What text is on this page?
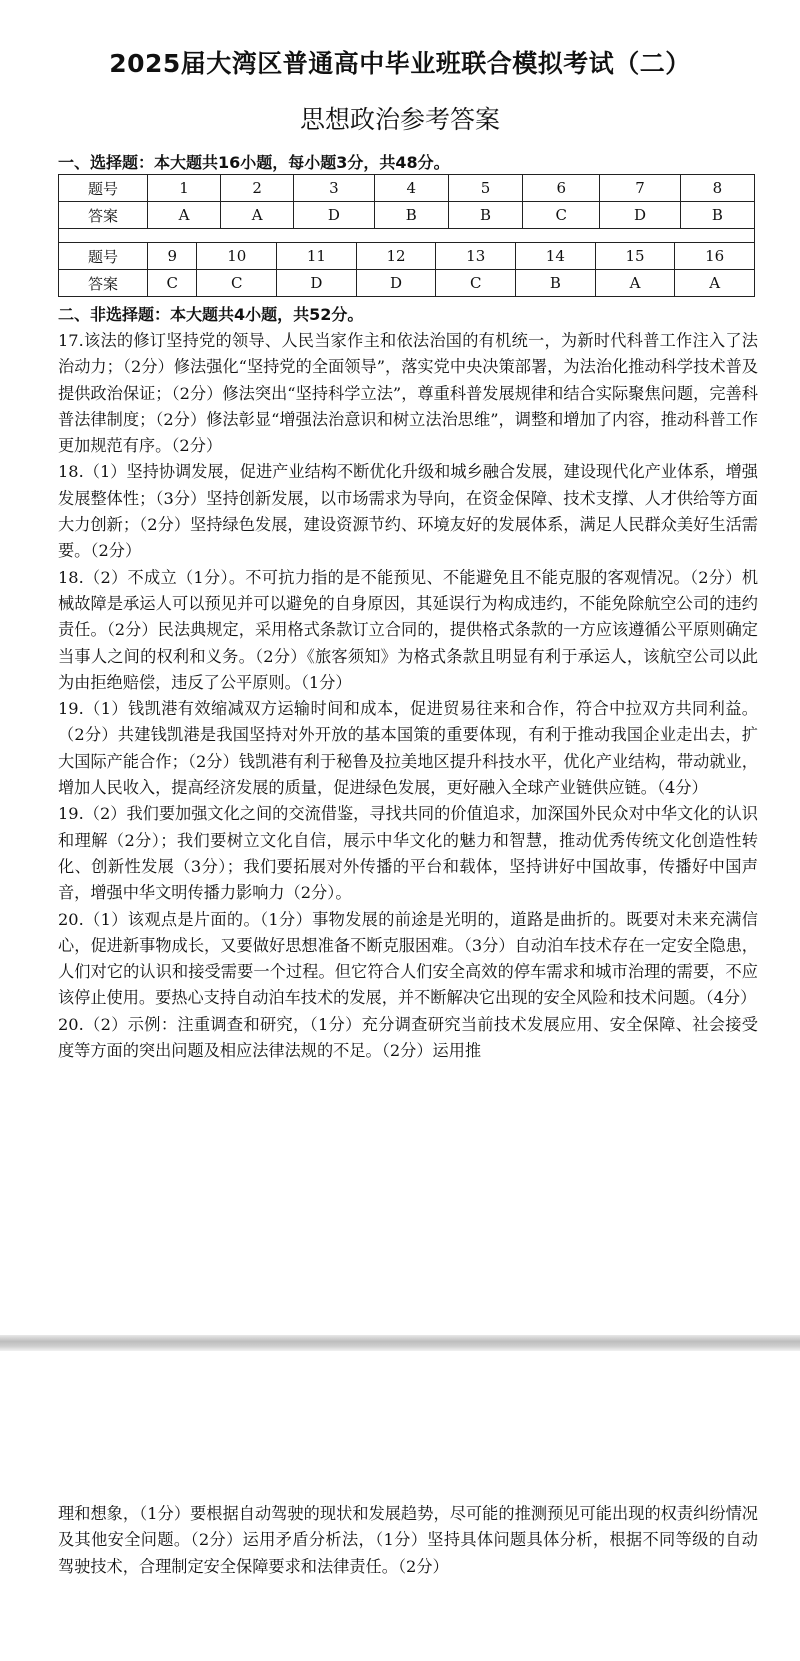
2025届大湾区普通高中毕业班联合模拟考试（二）
思想政治参考答案
一、选择题：本大题共16小题，每小题3分，共48分。
题号	1	2	3	4	5	6	7	8
答案	A	A	D	B	B	C	D	B
题号	9	10	11	12	13	14	15	16
答案	C	C	D	D	C	B	A	A
二、非选择题：本大题共4小题，共52分。

17.该法的修订坚持党的领导、人民当家作主和依法治国的有机统一，为新时代科普工作注入了法治动力；（2分）修法强化“坚持党的全面领导”，落实党中央决策部署，为法治化推动科学技术普及提供政治保证；（2分）修法突出“坚持科学立法”，尊重科普发展规律和结合实际聚焦问题，完善科普法律制度；（2分）修法彰显“增强法治意识和树立法治思维”，调整和增加了内容，推动科普工作更加规范有序。（2分）

18.（1）坚持协调发展，促进产业结构不断优化升级和城乡融合发展，建设现代化产业体系，增强发展整体性；（3分）坚持创新发展，以市场需求为导向，在资金保障、技术支撑、人才供给等方面大力创新；（2分）坚持绿色发展，建设资源节约、环境友好的发展体系，满足人民群众美好生活需要。（2分）

18.（2）不成立（1分）。不可抗力指的是不能预见、不能避免且不能克服的客观情况。（2分）机械故障是承运人可以预见并可以避免的自身原因，其延误行为构成违约，不能免除航空公司的违约责任。（2分）民法典规定，采用格式条款订立合同的，提供格式条款的一方应该遵循公平原则确定当事人之间的权利和义务。（2分）《旅客须知》为格式条款且明显有利于承运人，该航空公司以此为由拒绝赔偿，违反了公平原则。（1分）

19.（1）钱凯港有效缩减双方运输时间和成本，促进贸易往来和合作，符合中拉双方共同利益。（2分）共建钱凯港是我国坚持对外开放的基本国策的重要体现，有利于推动我国企业走出去，扩大国际产能合作；（2分）钱凯港有利于秘鲁及拉美地区提升科技水平，优化产业结构，带动就业，增加人民收入，提高经济发展的质量，促进绿色发展，更好融入全球产业链供应链。（4分）

19.（2）我们要加强文化之间的交流借鉴，寻找共同的价值追求，加深国外民众对中华文化的认识和理解（2分）；我们要树立文化自信，展示中华文化的魅力和智慧，推动优秀传统文化创造性转化、创新性发展（3分）；我们要拓展对外传播的平台和载体，坚持讲好中国故事，传播好中国声音，增强中华文明传播力影响力（2分）。

20.（1）该观点是片面的。（1分）事物发展的前途是光明的，道路是曲折的。既要对未来充满信心，促进新事物成长，又要做好思想准备不断克服困难。（3分）自动泊车技术存在一定安全隐患，人们对它的认识和接受需要一个过程。但它符合人们安全高效的停车需求和城市治理的需要，不应该停止使用。要热心支持自动泊车技术的发展，并不断解决它出现的安全风险和技术问题。（4分）

20.（2）示例：注重调查和研究，（1分）充分调查研究当前技术发展应用、安全保障、社会接受度等方面的突出问题及相应法律法规的不足。（2分）运用推

理和想象，（1分）要根据自动驾驶的现状和发展趋势，尽可能的推测预见可能出现的权责纠纷情况及其他安全问题。（2分）运用矛盾分析法，（1分）坚持具体问题具体分析，根据不同等级的自动驾驶技术，合理制定安全保障要求和法律责任。（2分）
